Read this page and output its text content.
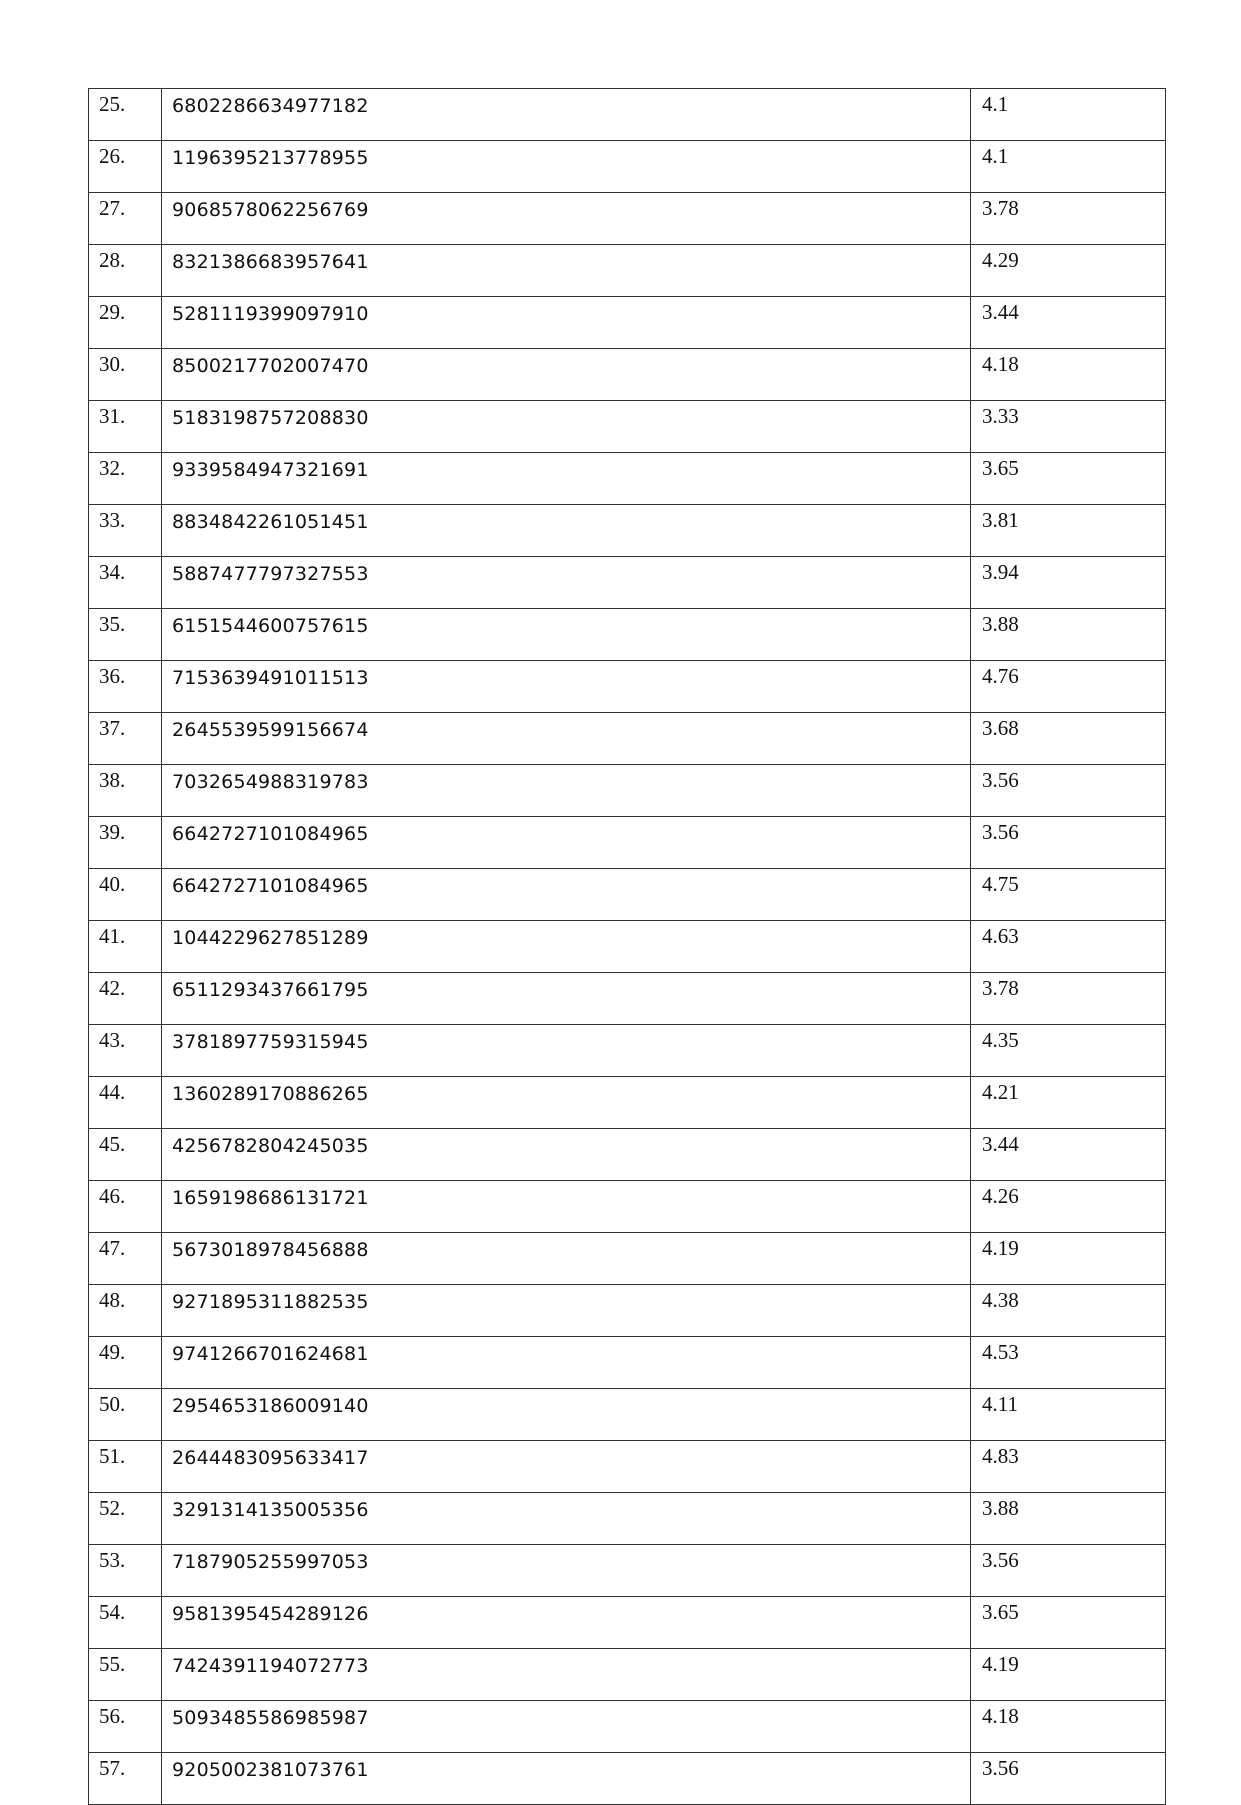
25.	6802286634977182	4.1

26.	1196395213778955	4.1

27.	9068578062256769	3.78

28.	8321386683957641	4.29

29.	5281119399097910	3.44

30.	8500217702007470	4.18

31.	5183198757208830	3.33

32.	9339584947321691	3.65

33.	8834842261051451	3.81

34.	5887477797327553	3.94

35.	6151544600757615	3.88

36.	7153639491011513	4.76

37.	2645539599156674	3.68

38.	7032654988319783	3.56

39.	6642727101084965	3.56

40.	6642727101084965	4.75

41.	1044229627851289	4.63

42.	6511293437661795	3.78

43.	3781897759315945	4.35

44.	1360289170886265	4.21

45.	4256782804245035	3.44

46.	1659198686131721	4.26

47.	5673018978456888	4.19

48.	9271895311882535	4.38

49.	9741266701624681	4.53

50.	2954653186009140	4.11

51.	2644483095633417	4.83

52.	3291314135005356	3.88

53.	7187905255997053	3.56

54.	9581395454289126	3.65

55.	7424391194072773	4.19

56.	5093485586985987	4.18

57.	9205002381073761	3.56
